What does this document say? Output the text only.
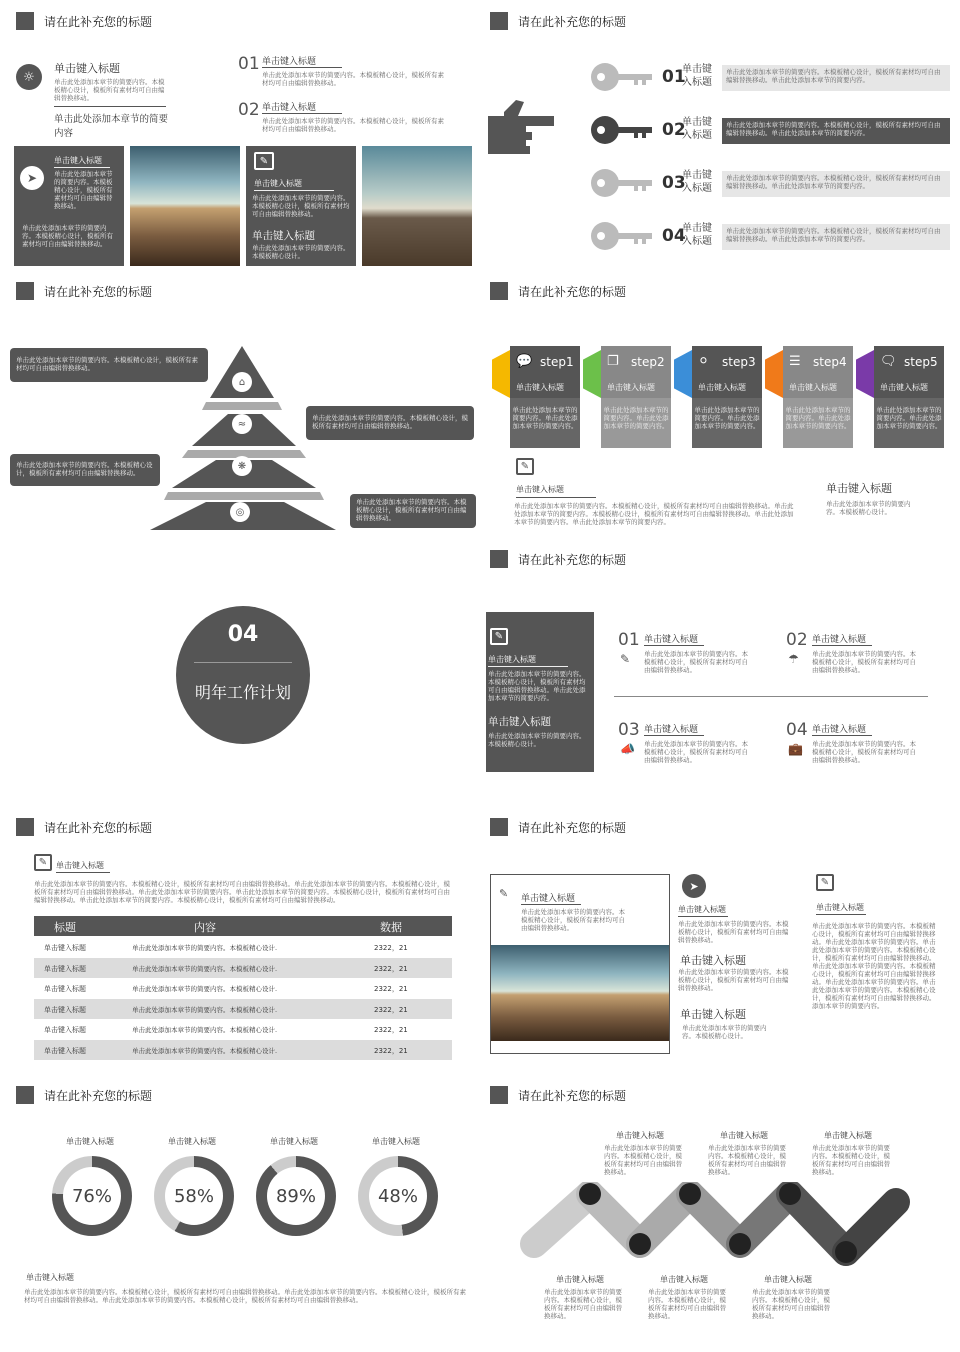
请在此补充您的标题
☼
单击键入标题
单击此处添加本章节的简要内容。本模板精心设计，模板所有素材均可自由编辑替换移动。
单击此处添加本章节的简要内容
01 单击键入标题
单击此处添加本章节的简要内容。本模板精心设计，模板所有素材均可自由编辑替换移动。
02 单击键入标题
单击此处添加本章节的简要内容。本模板精心设计，模板所有素材均可自由编辑替换移动。
单击键入标题
➤	单击此处添加本章节的简要内容。本模板精心设计，模板所有素材均可自由编辑替换移动。
单击此处添加本章节的简要内容。本模板精心设计，模板所有素材均可自由编辑替换移动。
✎
单击键入标题
单击此处添加本章节的简要内容。本模板精心设计，模板所有素材均可自由编辑替换移动。
单击键入标题
单击此处添加本章节的简要内容。本模板精心设计。
请在此补充您的标题
01
单击键
入标题
单击此处添加本章节的简要内容。本模板精心设计，模板所有素材均可自由编辑替换移动。单击此处添加本章节的简要内容。
02
单击键
入标题
单击此处添加本章节的简要内容。本模板精心设计，模板所有素材均可自由编辑替换移动。单击此处添加本章节的简要内容。
03
单击键
入标题
单击此处添加本章节的简要内容。本模板精心设计，模板所有素材均可自由编辑替换移动。单击此处添加本章节的简要内容。
04
单击键
入标题
单击此处添加本章节的简要内容。本模板精心设计，模板所有素材均可自由编辑替换移动。单击此处添加本章节的简要内容。
请在此补充您的标题
⌂
≈
❋
◎
单击此处添加本章节的简要内容。本模板精心设计，模板所有素材均可自由编辑替换移动。
单击此处添加本章节的简要内容。本模板精心设计，模板所有素材均可自由编辑替换移动。
单击此处添加本章节的简要内容。本模板精心设计，模板所有素材均可自由编辑替换移动。
单击此处添加本章节的简要内容。本模板精心设计，模板所有素材均可自由编辑替换移动。
请在此补充您的标题
💬 step1
单击键入标题
单击此处添加本章节的简要内容。单击此处添加本章节的简要内容。
❐ step2
单击键入标题
单击此处添加本章节的简要内容。单击此处添加本章节的简要内容。
⚪ step3
单击键入标题
单击此处添加本章节的简要内容。单击此处添加本章节的简要内容。
☰ step4
单击键入标题
单击此处添加本章节的简要内容。单击此处添加本章节的简要内容。
🗨 step5
单击键入标题
单击此处添加本章节的简要内容。单击此处添加本章节的简要内容。
✎
单击键入标题
单击此处添加本章节的简要内容。本模板精心设计，模板所有素材均可自由编辑替换移动。单击此处添加本章节的简要内容。本模板精心设计，模板所有素材均可自由编辑替换移动。单击此处添加本章节的简要内容。单击此处添加本章节的简要内容。
单击键入标题
单击此处添加本章节的简要内容。本模板精心设计。
04
明年工作计划
请在此补充您的标题
✎
单击键入标题
单击此处添加本章节的简要内容。本模板精心设计，模板所有素材均可自由编辑替换移动。单击此处添加本章节的简要内容。
单击键入标题
单击此处添加本章节的简要内容。本模板精心设计。
01
✎
单击键入标题
单击此处添加本章节的简要内容。本模板精心设计，模板所有素材均可自由编辑替换移动。
02
☂
单击键入标题
单击此处添加本章节的简要内容。本模板精心设计，模板所有素材均可自由编辑替换移动。
03
📣
单击键入标题
单击此处添加本章节的简要内容。本模板精心设计，模板所有素材均可自由编辑替换移动。
04
💼
单击键入标题
单击此处添加本章节的简要内容。本模板精心设计，模板所有素材均可自由编辑替换移动。
请在此补充您的标题
✎	单击键入标题
单击此处添加本章节的简要内容。本模板精心设计，模板所有素材均可自由编辑替换移动。单击此处添加本章节的简要内容。本模板精心设计，模板所有素材均可自由编辑替换移动。单击此处添加本章节的简要内容。单击此处添加本章节的简要内容。本模板精心设计，模板所有素材均可自由编辑替换移动。单击此处添加本章节的简要内容。本模板精心设计，模板所有素材均可自由编辑替换移动。
标题	内容	数据
单击键入标题	单击此处添加本章节的简要内容。本模板精心设计.	2322，21
单击键入标题	单击此处添加本章节的简要内容。本模板精心设计.	2322，21
单击键入标题	单击此处添加本章节的简要内容。本模板精心设计.	2322，21
单击键入标题	单击此处添加本章节的简要内容。本模板精心设计.	2322，21
单击键入标题	单击此处添加本章节的简要内容。本模板精心设计.	2322，21
单击键入标题	单击此处添加本章节的简要内容。本模板精心设计.	2322，21
请在此补充您的标题
✎ 单击键入标题
单击此处添加本章节的简要内容。本模板精心设计，模板所有素材均可自由编辑替换移动。
➤
单击键入标题
单击此处添加本章节的简要内容。本模板精心设计，模板所有素材均可自由编辑替换移动。
单击键入标题
单击此处添加本章节的简要内容。本模板精心设计，模板所有素材均可自由编辑替换移动。
单击键入标题
单击此处添加本章节的简要内容。本模板精心设计。
✎
单击键入标题
单击此处添加本章节的简要内容。本模板精心设计，模板所有素材均可自由编辑替换移动。单击此处添加本章节的简要内容。单击此处添加本章节的简要内容。本模板精心设计，模板所有素材均可自由编辑替换移动。单击此处添加本章节的简要内容。本模板精心设计，模板所有素材均可自由编辑替换移动。单击此处添加本章节的简要内容。单击此处添加本章节的简要内容。本模板精心设计，模板所有素材均可自由编辑替换移动。添加本章节的简要内容。
请在此补充您的标题
单击键入标题
76%
单击键入标题
58%
单击键入标题
89%
单击键入标题
48%
单击键入标题
单击此处添加本章节的简要内容。本模板精心设计，模板所有素材均可自由编辑替换移动。单击此处添加本章节的简要内容。本模板精心设计，模板所有素材均可自由编辑替换移动。单击此处添加本章节的简要内容。本模板精心设计，模板所有素材均可自由编辑替换移动。
请在此补充您的标题
单击键入标题
单击此处添加本章节的简要内容。本模板精心设计，模板所有素材均可自由编辑替换移动。
单击键入标题
单击此处添加本章节的简要内容。本模板精心设计，模板所有素材均可自由编辑替换移动。
单击键入标题
单击此处添加本章节的简要内容。本模板精心设计，模板所有素材均可自由编辑替换移动。
单击键入标题
单击此处添加本章节的简要内容。本模板精心设计，模板所有素材均可自由编辑替换移动。
单击键入标题
单击此处添加本章节的简要内容。本模板精心设计，模板所有素材均可自由编辑替换移动。
单击键入标题
单击此处添加本章节的简要内容。本模板精心设计，模板所有素材均可自由编辑替换移动。
